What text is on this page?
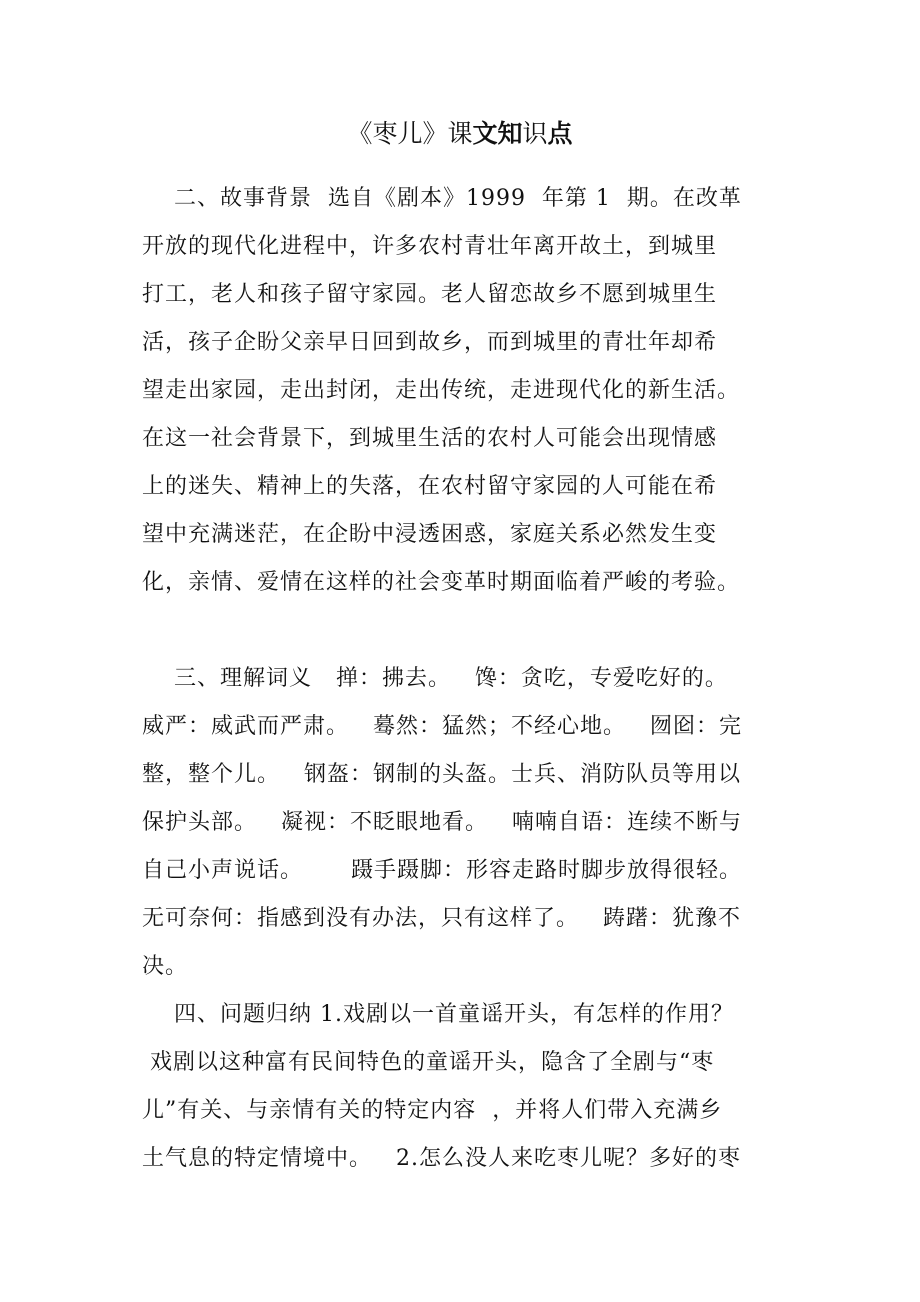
《枣儿》课文知识点
二、故事背景  选自《剧本》1999  年第 1  期。在改革
开放的现代化进程中，许多农村青壮年离开故土，到城里
打工，老人和孩子留守家园。老人留恋故乡不愿到城里生
活，孩子企盼父亲早日回到故乡，而到城里的青壮年却希
望走出家园，走出封闭，走出传统，走进现代化的新生活。
在这一社会背景下，到城里生活的农村人可能会出现情感
上的迷失、精神上的失落，在农村留守家园的人可能在希
望中充满迷茫，在企盼中浸透困惑，家庭关系必然发生变
化，亲情、爱情在这样的社会变革时期面临着严峻的考验。
三、理解词义   掸：拂去。   馋：贪吃，专爱吃好的。
威严：威武而严肃。   蓦然：猛然；不经心地。   囫囵：完
整，整个儿。   钢盔：钢制的头盔。士兵、消防队员等用以
保护头部。   凝视：不眨眼地看。   喃喃自语：连续不断与
自己小声说话。      蹑手蹑脚：形容走路时脚步放得很轻。
无可奈何：指感到没有办法，只有这样了。   踌躇：犹豫不
决。
四、问题归纳 1.戏剧以一首童谣开头，有怎样的作用？
戏剧以这种富有民间特色的童谣开头，隐含了全剧与“枣
儿”有关、与亲情有关的特定内容  ，并将人们带入充满乡
土气息的特定情境中。   2.怎么没人来吃枣儿呢？多好的枣
